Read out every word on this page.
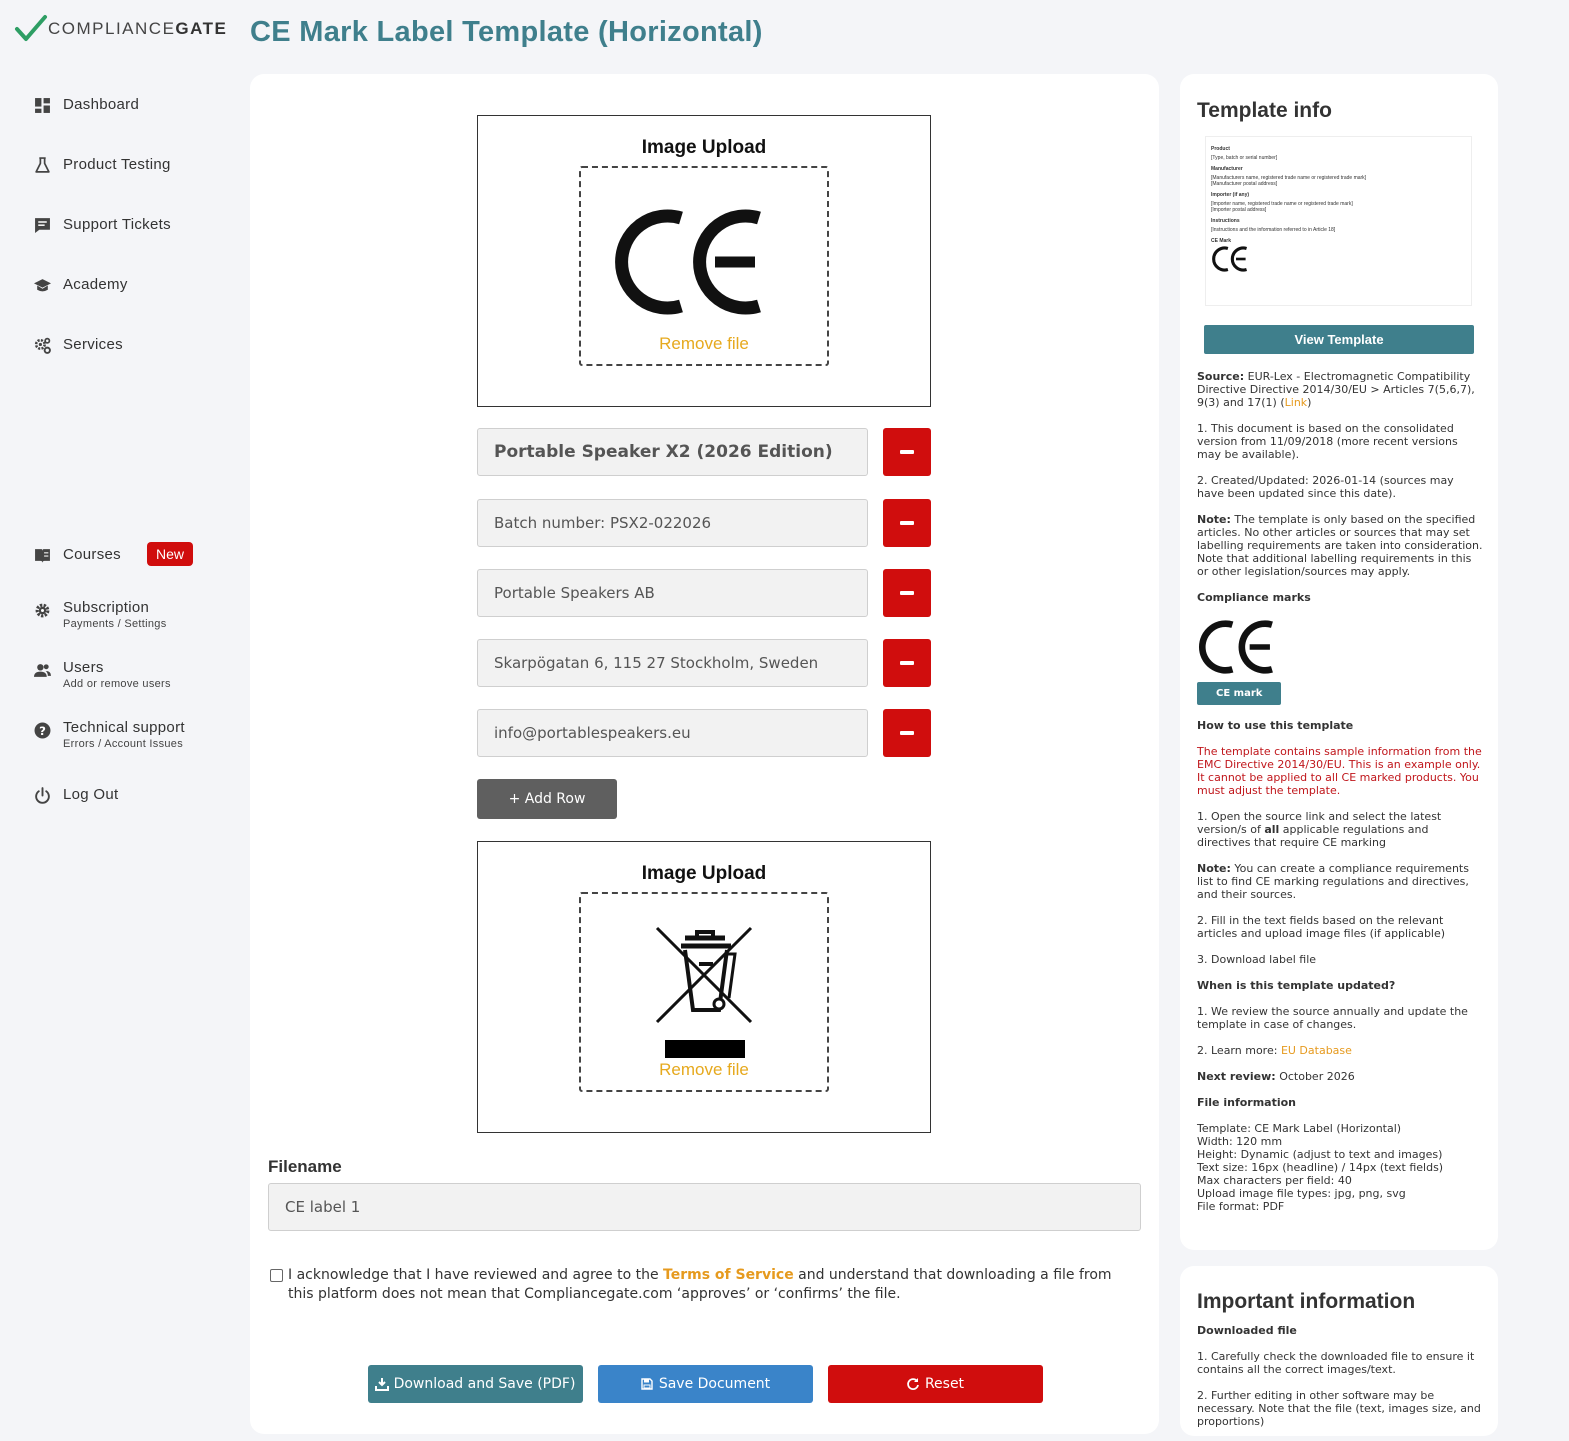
COMPLIANCEGATE
Dashboard
Product Testing
Support Tickets
Academy
Services
Courses	New
Subscription
Payments / Settings
Users
Add or remove users
? Technical support
Errors / Account Issues
Log Out
CE Mark Label Template (Horizontal)
Image Upload
Remove file
Portable Speaker X2 (2026 Edition)
Batch number: PSX2-022026
Portable Speakers AB
Skarpögatan 6, 115 27 Stockholm, Sweden
info@portablespeakers.eu
+ Add Row
Image Upload
Remove file
Filename
CE label 1
I acknowledge that I have reviewed and agree to the Terms of Service and understand that downloading a file from this platform does not mean that Compliancegate.com ‘approves’ or ‘confirms’ the file.
Download and Save (PDF)	Save Document	Reset
Template info
Product
[Type, batch or serial number]
Manufacturer
[Manufacturers name, registered trade name or registered trade mark]
[Manufacturer postal address]
Importer (if any)
[Importer name, registered trade name or registered trade mark]
[Importer postal address]
Instructions
[Instructions and the information referred to in Article 18]
CE Mark
View Template

Source: EUR-Lex - Electromagnetic Compatibility Directive Directive 2014/30/EU > Articles 7(5,6,7), 9(3) and 17(1) (Link)

1. This document is based on the consolidated version from 11/09/2018 (more recent versions may be available).

2. Created/Updated: 2026-01-14 (sources may have been updated since this date).

Note: The template is only based on the specified articles. No other articles or sources that may set labelling requirements are taken into consideration. Note that additional labelling requirements in this or other legislation/sources may apply.

Compliance marks
CE mark
How to use this template

The template contains sample information from the EMC Directive 2014/30/EU. This is an example only. It cannot be applied to all CE marked products. You must adjust the template.

1. Open the source link and select the latest version/s of all applicable regulations and directives that require CE marking

Note: You can create a compliance requirements list to find CE marking regulations and directives, and their sources.

2. Fill in the text fields based on the relevant articles and upload image files (if applicable)

3. Download label file

When is this template updated?

1. We review the source annually and update the template in case of changes.

2. Learn more: EU Database

Next review: October 2026

File information
Template: CE Mark Label (Horizontal)
Width: 120 mm
Height: Dynamic (adjust to text and images)
Text size: 16px (headline) / 14px (text fields)
Max characters per field: 40
Upload image file types: jpg, png, svg
File format: PDF
Important information

Downloaded file

1. Carefully check the downloaded file to ensure it contains all the correct images/text.

2. Further editing in other software may be necessary. Note that the file (text, images size, and proportions)
